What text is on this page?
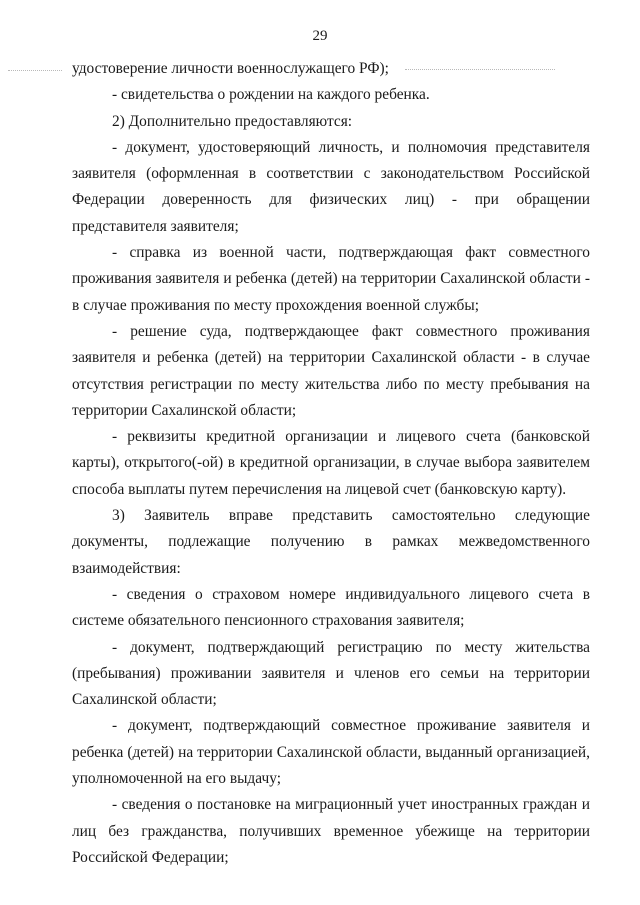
29

удостоверение личности военнослужащего РФ);

- свидетельства о рождении на каждого ребенка.

2) Дополнительно предоставляются:

- документ, удостоверяющий личность, и полномочия представителя заявителя (оформленная в соответствии с законодательством Российской Федерации доверенность для физических лиц) - при обращении представителя заявителя;

- справка из военной части, подтверждающая факт совместного проживания заявителя и ребенка (детей) на территории Сахалинской области - в случае проживания по месту прохождения военной службы;

- решение суда, подтверждающее факт совместного проживания заявителя и ребенка (детей) на территории Сахалинской области - в случае отсутствия регистрации по месту жительства либо по месту пребывания на территории Сахалинской области;

- реквизиты кредитной организации и лицевого счета (банковской карты), открытого(-ой) в кредитной организации, в случае выбора заявителем способа выплаты путем перечисления на лицевой счет (банковскую карту).

3) Заявитель вправе представить самостоятельно следующие документы, подлежащие получению в рамках межведомственного взаимодействия:

- сведения о страховом номере индивидуального лицевого счета в системе обязательного пенсионного страхования заявителя;

- документ, подтверждающий регистрацию по месту жительства (пребывания) проживании заявителя и членов его семьи на территории Сахалинской области;

- документ, подтверждающий совместное проживание заявителя и ребенка (детей) на территории Сахалинской области, выданный организацией, уполномоченной на его выдачу;

- сведения о постановке на миграционный учет иностранных граждан и лиц без гражданства, получивших временное убежище на территории Российской Федерации;
